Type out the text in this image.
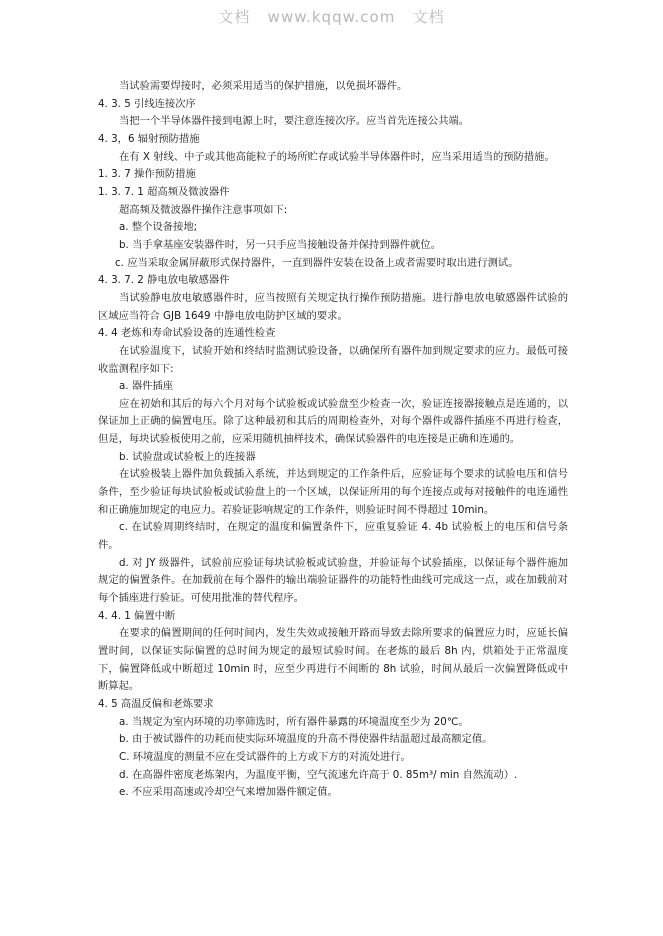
文档   www.kqqw.com   文档

当试验需要焊接时，必须采用适当的保护措施，以免损坏器件。

4. 3. 5 引线连接次序

当把一个半导体器件接到电源上时，要注意连接次序。应当首先连接公共端。

4. 3，6 辐射预防措施

在有 X 射线、中子或其他高能粒子的场所贮存或试验半导体器件时，应当采用适当的预防措施。

1. 3. 7 操作预防措施

1. 3. 7. 1 超高频及微波器件

超高频及微波器件操作注意事项如下:

a. 整个设备接地;

b. 当手拿基座安装器件时，另一只手应当接触设备并保持到器件就位。

c. 应当采取金属屏蔽形式保持器件，一直到器件安装在设备上或者需要时取出进行测试。

4. 3. 7. 2 静电放电敏感器件

当试验静电放电敏感器件时，应当按照有关规定执行操作预防措施。进行静电放电敏感器件试验的区域应当符合 GJB 1649 中静电放电防护区域的要求。

4. 4 老炼和寿命试验设备的连通性检查

在试验温度下，试验开始和终结时监测试验设备，以确保所有器件加到规定要求的应力。最低可接收监测程序如下:

a. 器件插座

应在初始和其后的每六个月对每个试验板或试验盘至少检查一次，验证连接器接触点是连通的，以保证加上正确的偏置电压。除了这种最初和其后的周期检查外，对每个器件或器件插座不再进行检查，但是，每块试验板使用之前，应采用随机抽样技术，确保试验器件的电连接是正确和连通的。

b. 试验盘或试验板上的连接器

在试验极装上器件加负载插入系统，并达到规定的工作条件后，应验证每个要求的试验电压和信号条件，至少验证每块试验板或试验盘上的一个区域，以保证所用的每个连接点或每对接触件的电连通性和正确施加规定的电应力。若验证影响规定的工作条件，则验证时间不得超过 10min。

c. 在试验周期终结时，在规定的温度和偏置条件下，应重复验证 4. 4b 试验板上的电压和信号条件。

d. 对 JY 级器件，试验前应验证每块试验板或试验盘，并验证每个试验插座，以保证每个器件施加规定的偏置条件。在加载前在每个器件的输出端验证器件的功能特性曲线可完成这一点，或在加载前对每个插座进行验证。可使用批准的替代程序。

4. 4. 1 偏置中断

在要求的偏置期间的任何时间内，发生失效或接触开路而导致去除所要求的偏置应力时，应延长偏置时间，以保证实际偏置的总时间为规定的最短试验时间。在老炼的最后 8h 内，烘箱处于正常温度下，偏置降低或中断超过 10min 时，应至少再进行不间断的 8h 试验，时间从最后一次偏置降低或中断算起。

4. 5 高温反偏和老炼要求

a. 当规定为室内环境的功率筛选时，所有器件暴露的环境温度至少为 20℃。

b. 由于被试器件的功耗而使实际环境温度的升高不得使器件结温超过最高额定值。

C. 环境温度的测量不应在受试器件的上方或下方的对流处进行。

d. 在高器件密度老炼架内，为温度平衡，空气流速允许高于 0. 85m³/ min 自然流动）.

e. 不应采用高速或冷却空气来增加器件额定值。
